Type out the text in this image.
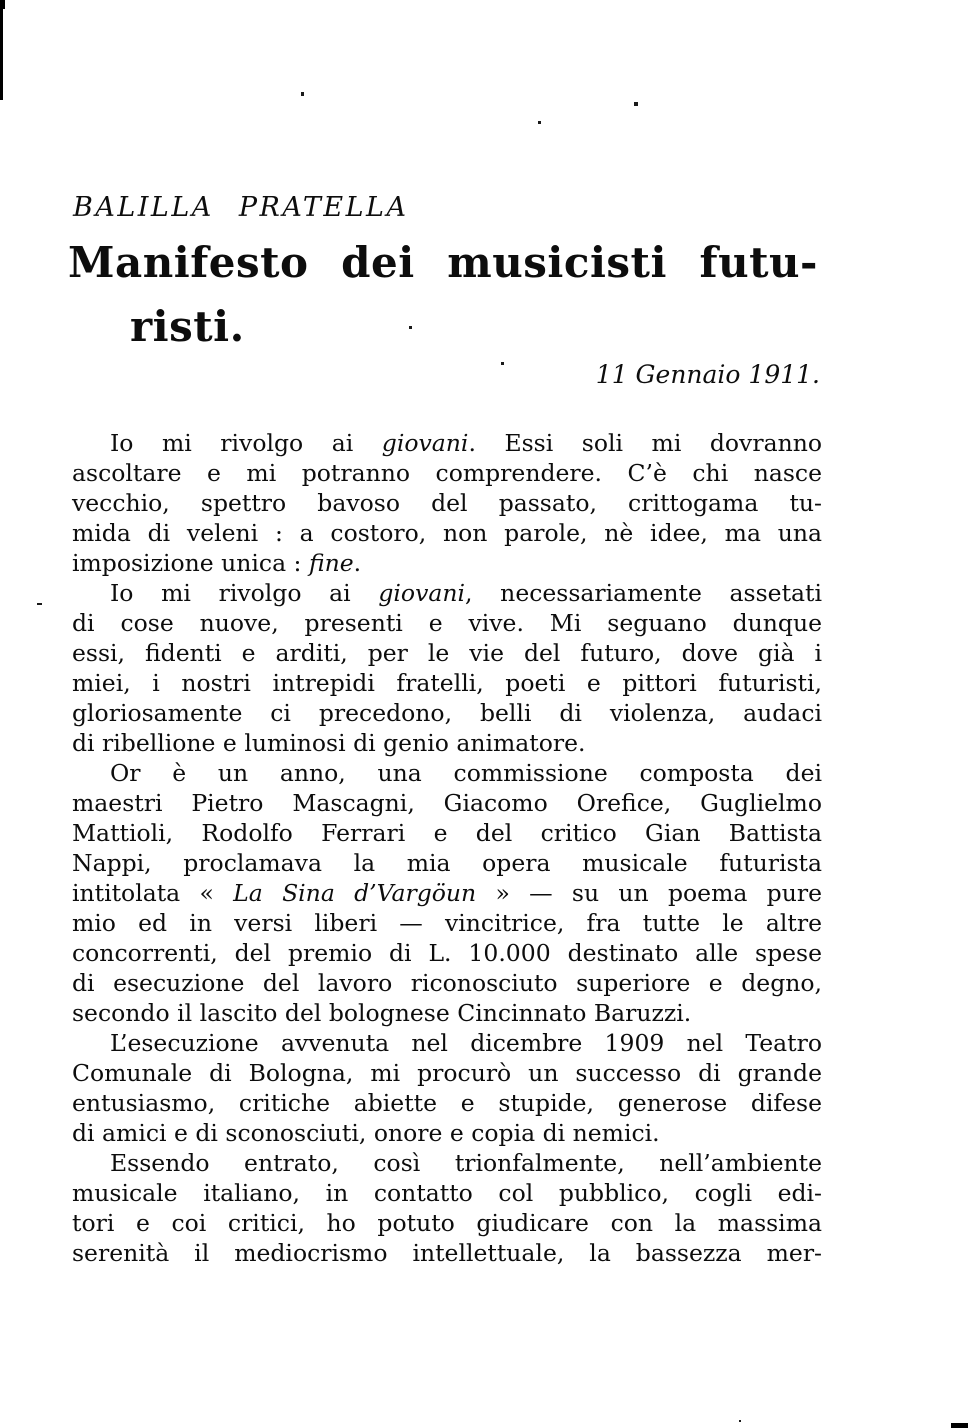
BALILLA PRATELLA
Manifesto dei musicisti futu-
risti.
11 Gennaio 1911.

Io mi rivolgo ai giovani. Essi soli mi dovranno
ascoltare e mi potranno comprendere. C’è chi nasce
vecchio, spettro bavoso del passato, crittogama tu-
mida di veleni : a costoro, non parole, nè idee, ma una
imposizione unica : fine.

Io mi rivolgo ai giovani, necessariamente assetati
di cose nuove, presenti e vive. Mi seguano dunque
essi, fidenti e arditi, per le vie del futuro, dove già i
miei, i nostri intrepidi fratelli, poeti e pittori futuristi,
gloriosamente ci precedono, belli di violenza, audaci
di ribellione e luminosi di genio animatore.

Or è un anno, una commissione composta dei
maestri Pietro Mascagni, Giacomo Orefice, Guglielmo
Mattioli, Rodolfo Ferrari e del critico Gian Battista
Nappi, proclamava la mia opera musicale futurista
intitolata « La Sina d’Vargöun » — su un poema pure
mio ed in versi liberi — vincitrice, fra tutte le altre
concorrenti, del premio di L. 10.000 destinato alle spese
di esecuzione del lavoro riconosciuto superiore e degno,
secondo il lascito del bolognese Cincinnato Baruzzi.

L’esecuzione avvenuta nel dicembre 1909 nel Teatro
Comunale di Bologna, mi procurò un successo di grande
entusiasmo, critiche abiette e stupide, generose difese
di amici e di sconosciuti, onore e copia di nemici.

Essendo entrato, così trionfalmente, nell’ambiente
musicale italiano, in contatto col pubblico, cogli edi-
tori e coi critici, ho potuto giudicare con la massima
serenità il mediocrismo intellettuale, la bassezza mer-
